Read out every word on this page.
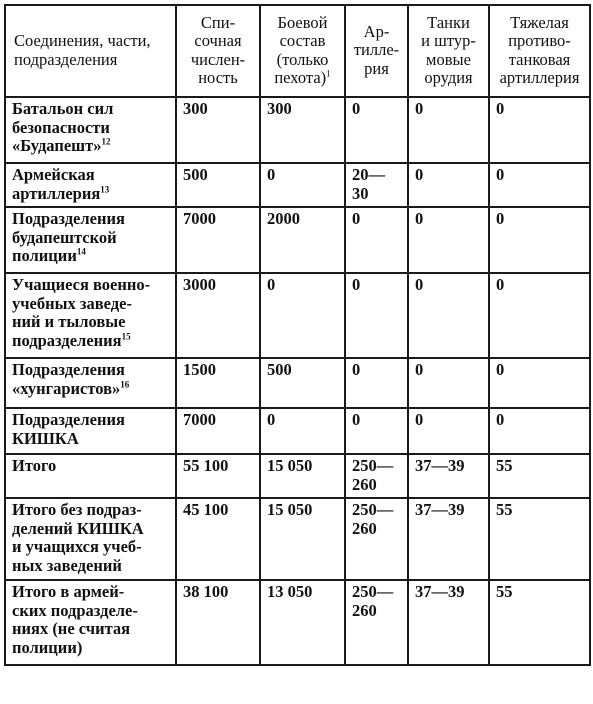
Соединения, части,
подразделения	Спи-
сочная
числен-
ность	Боевой
состав
(только
пехота)$^1$	Ар-
тилле-
рия	Танки
и штур-
мовые
орудия	Тяжелая
противо-
танковая
артиллерия
Батальон сил
безопасности
«Будапешт»$^{12}$	300	300	0	0	0
Армейская
артиллерия$^{13}$	500	0	20—
30	0	0
Подразделения
будапештской
полиции$^{14}$	7000	2000	0	0	0
Учащиеся военно-
учебных заведе-
ний и тыловые
подразделения$^{15}$	3000	0	0	0	0
Подразделения
«хунгаристов»$^{16}$	1500	500	0	0	0
Подразделения
КИШКА	7000	0	0	0	0
Итого	55 100	15 050	250—
260	37—39	55
Итого без подраз-
делений КИШКА
и учащихся учеб-
ных заведений	45 100	15 050	250—
260	37—39	55
Итого в армей-
ских подразделе-
ниях (не считая
полиции)	38 100	13 050	250—
260	37—39	55
